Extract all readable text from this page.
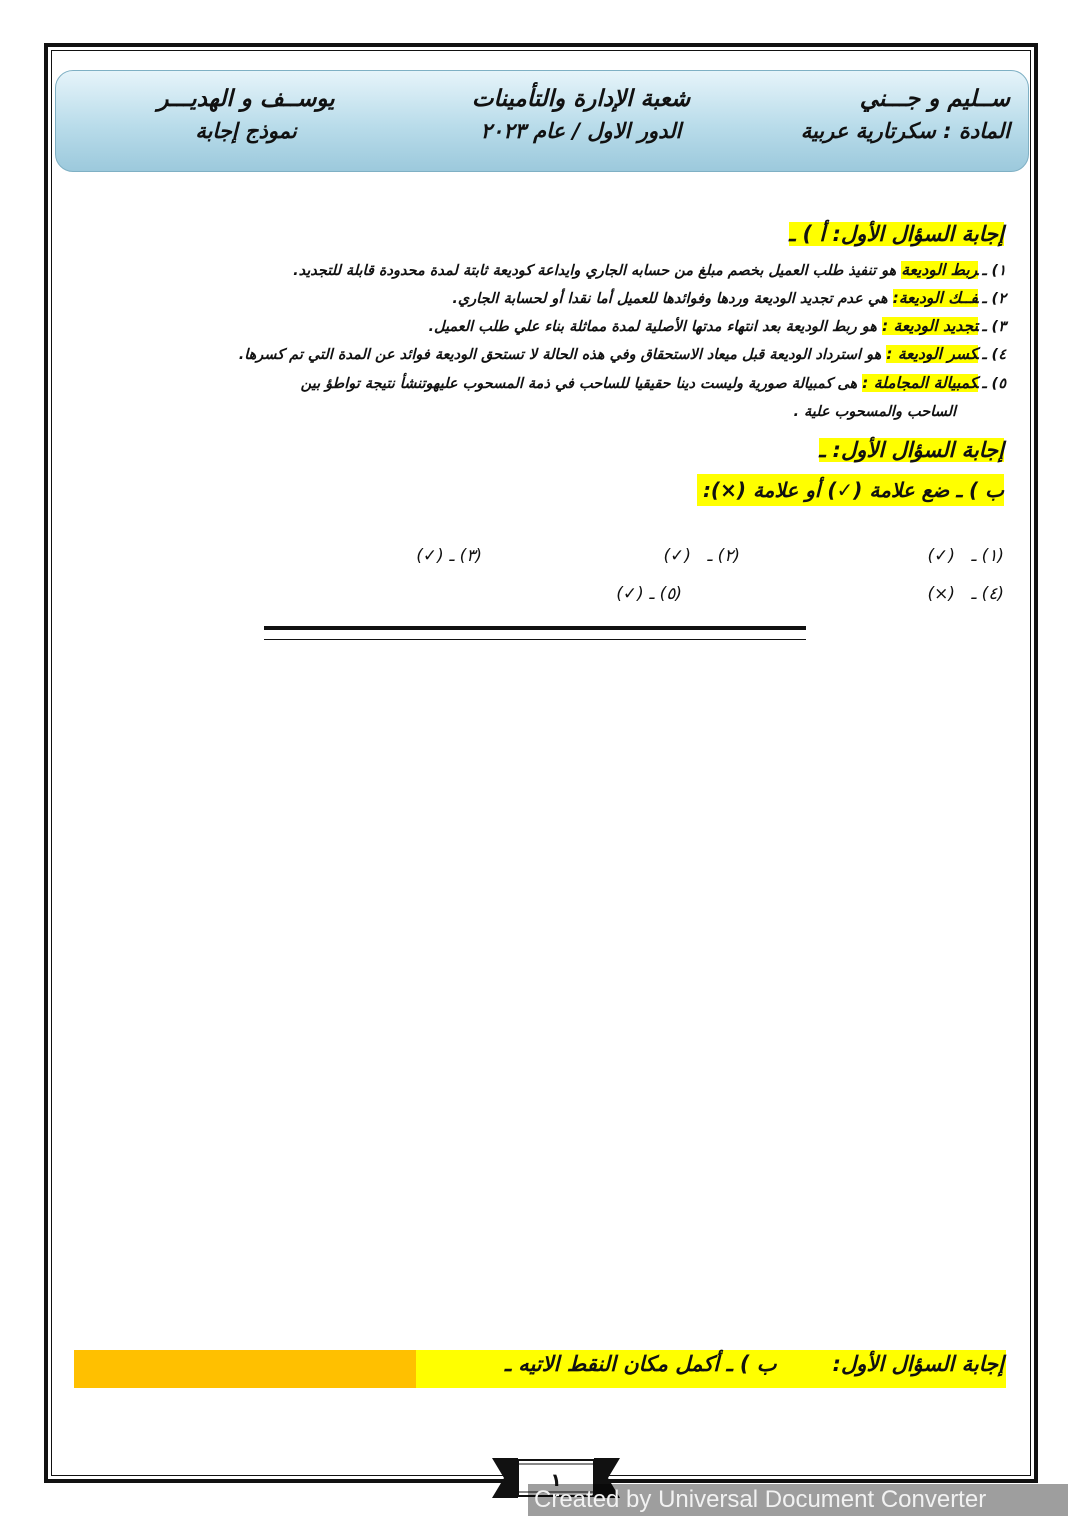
ســليم و جـــني
المادة : سكرتارية عربية
شعبة الإدارة والتأمينات
الدور الاول / عام ٢٠٢٣
يوســف و الهديـــر
نموذج إجابة
إجابة السؤال الأول: أ ) ـ
١) ـربط الوديعة هو تنفيذ طلب العميل بخصم مبلغ من حسابه الجاري وايداعة كوديعة ثابتة لمدة محدودة قابلة للتجديد.
٢) ـفــك الوديعة: هي عدم تجديد الوديعة وردها وفوائدها للعميل أما نقدا أو لحسابة الجاري.
٣) ـتجديد الوديعة : هو ربط الوديعة بعد انتهاء مدتها الأصلية لمدة مماثلة بناء علي طلب العميل.
٤) ـكسر الوديعة : هو استرداد الوديعة قبل ميعاد الاستحقاق وفي هذه الحالة لا تستحق الوديعة فوائد عن المدة التي تم كسرها.
٥) ـكمبيالة المجاملة : هى كمبيالة صورية وليست دينا حقيقيا للساحب في ذمة المسحوب عليهوتنشأ نتيجة تواطؤ بين
الساحب والمسحوب علية .
إجابة السؤال الأول: ـ
ب ) ـ ضع علامة (✓) أو علامة (×):
(١) ـ   (✓)
(٢) ـ   (✓)
(٣) ـ (✓)
(٤) ـ   (×)
(٥) ـ (✓)
إجابة السؤال الأول:ب ) ـ أكمل مكان النقط الاتيه ـ
١
Created by Universal Document Converter
